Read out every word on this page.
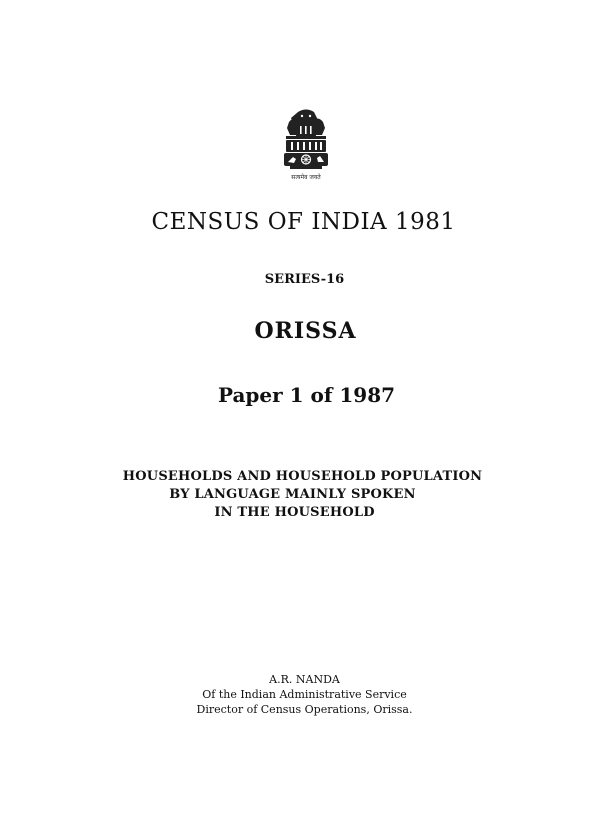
सत्यमेव जयते
CENSUS OF INDIA 1981
SERIES-16
ORISSA
Paper 1 of 1987
HOUSEHOLDS AND HOUSEHOLD POPULATION
BY LANGUAGE MAINLY SPOKEN
IN THE HOUSEHOLD
A.R. NANDA
Of the Indian Administrative Service
Director of Census Operations, Orissa.
